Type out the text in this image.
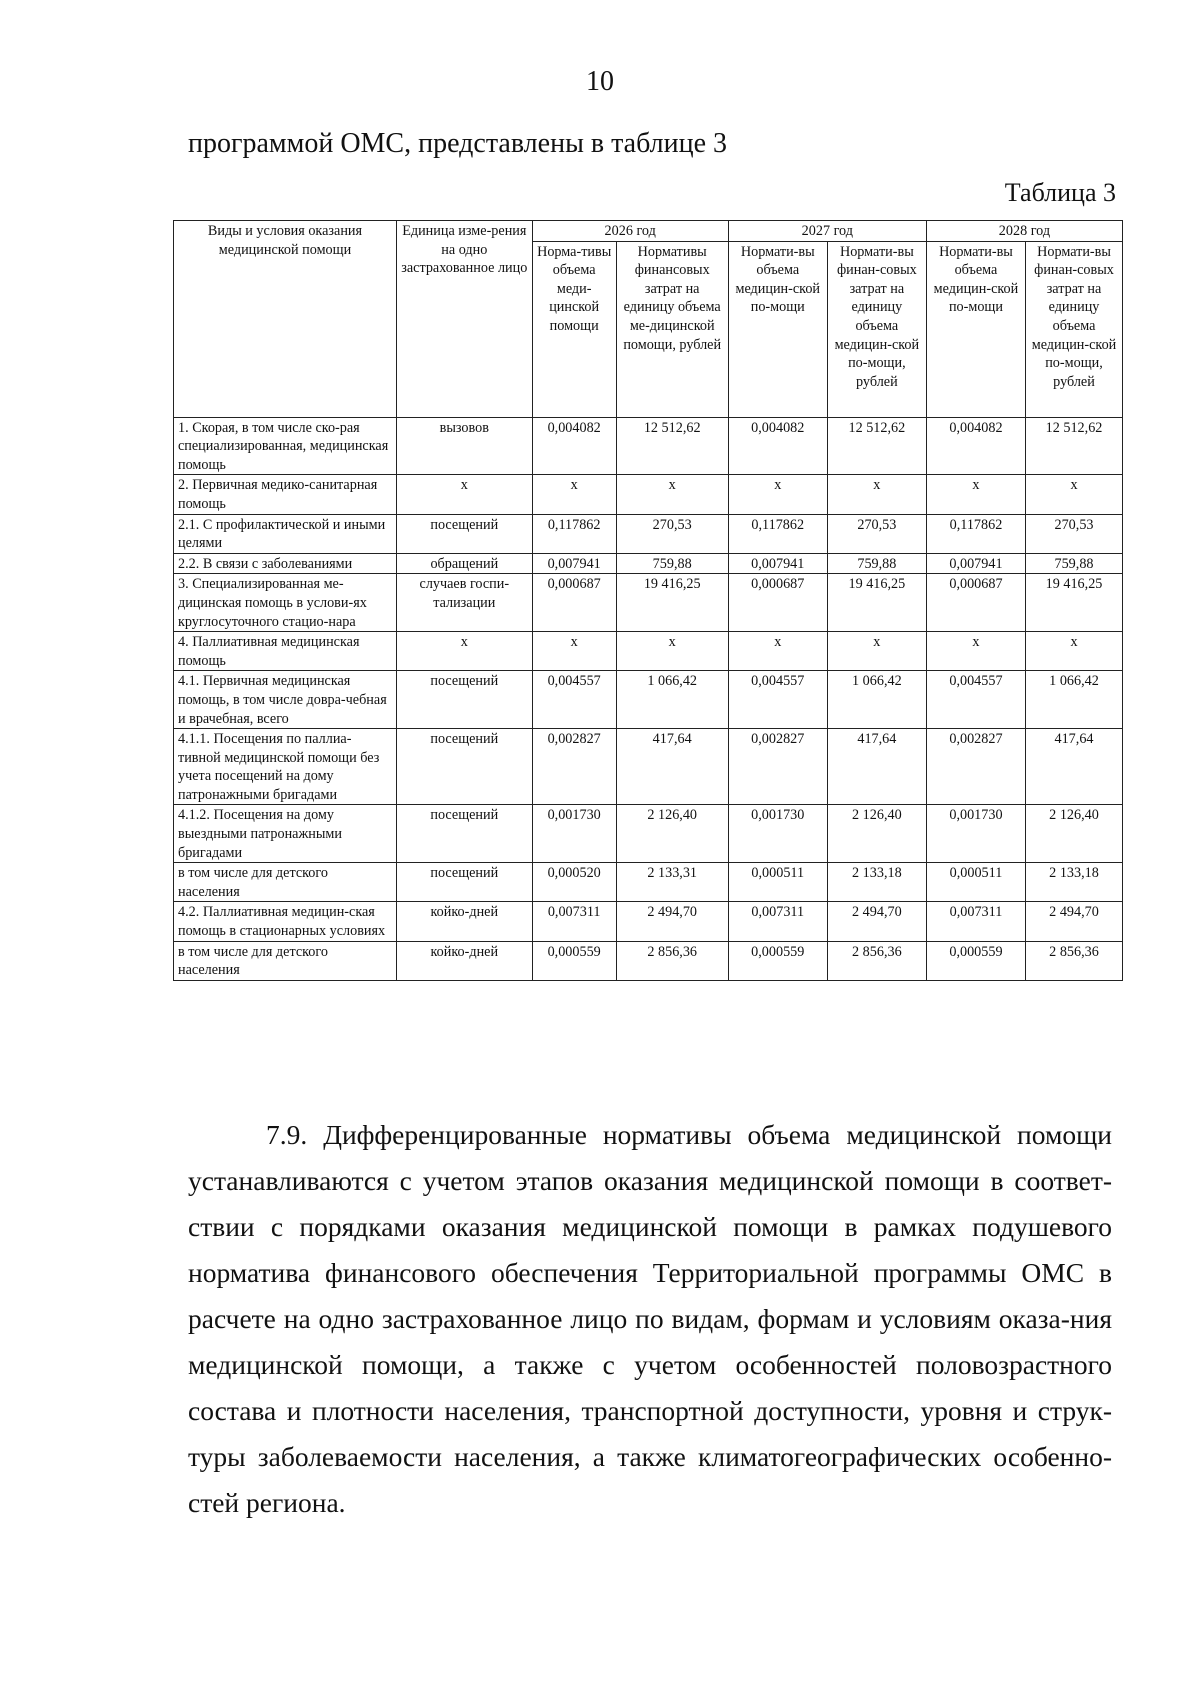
10
программой ОМС, представлены в таблице 3
Таблица 3
Виды и условия оказания медицинской помощи	Единица изме-рения на одно застрахованное лицо	2026 год		2027 год		2028 год	
		Норма-тивы объема меди-цинской помощи	Нормативы финансовых затрат на единицу объема ме-дицинской помощи, рублей	Нормати-вы объема медицин-ской по-мощи	Нормати-вы финан-совых затрат на единицу объема медицин-ской по-мощи, рублей	Нормати-вы объема медицин-ской по-мощи	Нормати-вы финан-совых затрат на единицу объема медицин-ской по-мощи, рублей
1. Скорая, в том числе ско-рая специализированная, медицинская помощь	вызовов	0,004082	12 512,62	0,004082	12 512,62	0,004082	12 512,62
2. Первичная медико-санитарная помощь	х	х	х	х	х	х	х
2.1. С профилактической и иными целями	посещений	0,117862	270,53	0,117862	270,53	0,117862	270,53
2.2. В связи с заболеваниями	обращений	0,007941	759,88	0,007941	759,88	0,007941	759,88
3. Специализированная ме-дицинская помощь в услови-ях круглосуточного стацио-нара	случаев госпи-тализации	0,000687	19 416,25	0,000687	19 416,25	0,000687	19 416,25
4. Паллиативная медицинская помощь	х	х	х	х	х	х	х
4.1. Первичная медицинская помощь, в том числе довра-чебная и врачебная, всего	посещений	0,004557	1 066,42	0,004557	1 066,42	0,004557	1 066,42
4.1.1. Посещения по паллиа-тивной медицинской помощи без учета посещений на дому патронажными бригадами	посещений	0,002827	417,64	0,002827	417,64	0,002827	417,64
4.1.2. Посещения на дому выездными патронажными бригадами	посещений	0,001730	2 126,40	0,001730	2 126,40	0,001730	2 126,40
в том числе для детского населения	посещений	0,000520	2 133,31	0,000511	2 133,18	0,000511	2 133,18
4.2. Паллиативная медицин-ская помощь в стационарных условиях	койко-дней	0,007311	2 494,70	0,007311	2 494,70	0,007311	2 494,70
в том числе для детского населения	койко-дней	0,000559	2 856,36	0,000559	2 856,36	0,000559	2 856,36

7.9. Дифференцированные нормативы объема медицинской помощи устанавливаются с учетом этапов оказания медицинской помощи в соответ-ствии с порядками оказания медицинской помощи в рамках подушевого норматива финансового обеспечения Территориальной программы ОМС в расчете на одно застрахованное лицо по видам, формам и условиям оказа-ния медицинской помощи, а также с учетом особенностей половозрастного состава и плотности населения, транспортной доступности, уровня и струк-туры заболеваемости населения, а также климатогеографических особенно-стей региона.
